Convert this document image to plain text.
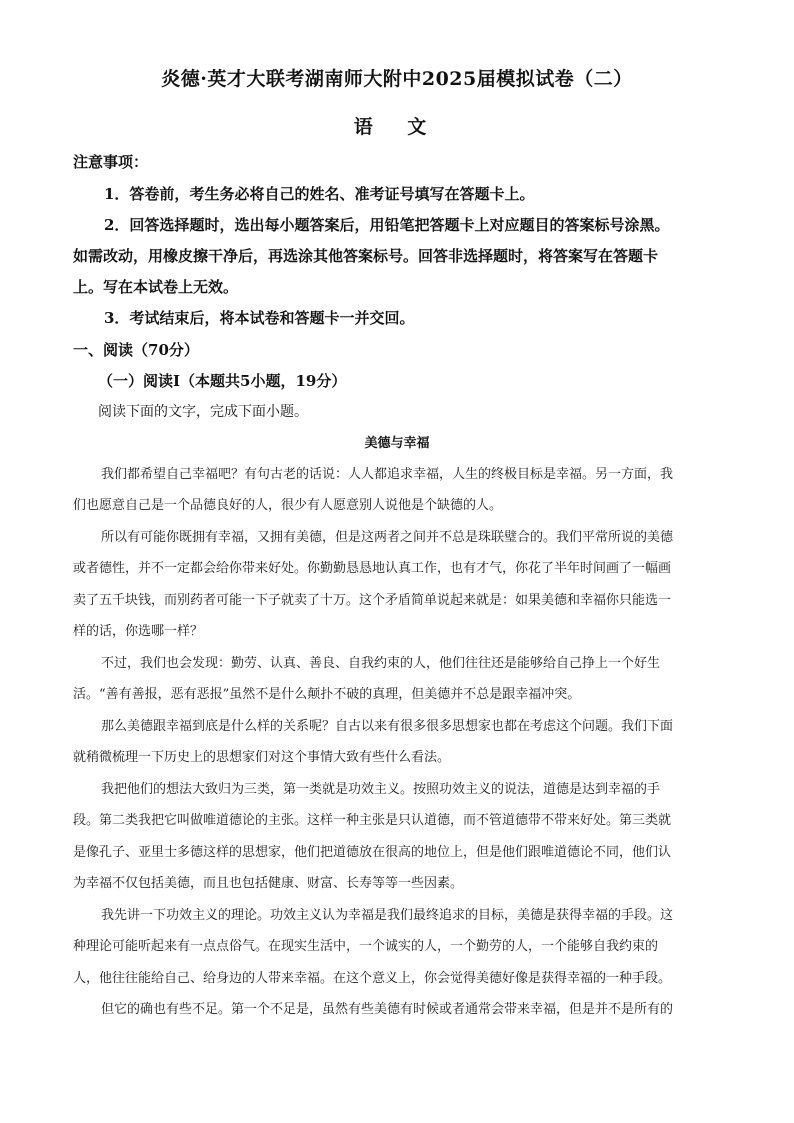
炎德·英才大联考湖南师大附中2025届模拟试卷（二）
语 文
注意事项：
1．答卷前，考生务必将自己的姓名、准考证号填写在答题卡上。
2．回答选择题时，选出每小题答案后，用铅笔把答题卡上对应题目的答案标号涂黑。
如需改动，用橡皮擦干净后，再选涂其他答案标号。回答非选择题时，将答案写在答题卡
上。写在本试卷上无效。
3．考试结束后，将本试卷和答题卡一并交回。
一、阅读（70分）
（一）阅读Ⅰ（本题共5小题，19分）
阅读下面的文字，完成下面小题。
美德与幸福
我们都希望自己幸福吧？有句古老的话说：人人都追求幸福，人生的终极目标是幸福。另一方面，我
们也愿意自己是一个品德良好的人，很少有人愿意别人说他是个缺德的人。
所以有可能你既拥有幸福，又拥有美德，但是这两者之间并不总是珠联璧合的。我们平常所说的美德
或者德性，并不一定都会给你带来好处。你勤勤恳恳地认真工作，也有才气，你花了半年时间画了一幅画
卖了五千块钱，而别药者可能一下子就卖了十万。这个矛盾简单说起来就是：如果美德和幸福你只能选一
样的话，你选哪一样？
不过，我们也会发现：勤劳、认真、善良、自我约束的人，他们往往还是能够给自己挣上一个好生
活。“善有善报，恶有恶报”虽然不是什么颠扑不破的真理，但美德并不总是跟幸福冲突。
那么美德跟幸福到底是什么样的关系呢？自古以来有很多很多思想家也都在考虑这个问题。我们下面
就稍微梳理一下历史上的思想家们对这个事情大致有些什么看法。
我把他们的想法大致归为三类，第一类就是功效主义。按照功效主义的说法，道德是达到幸福的手
段。第二类我把它叫做唯道德论的主张。这样一种主张是只认道德，而不管道德带不带来好处。第三类就
是像孔子、亚里士多德这样的思想家，他们把道德放在很高的地位上，但是他们跟唯道德论不同，他们认
为幸福不仅包括美德，而且也包括健康、财富、长寿等等一些因素。
我先讲一下功效主义的理论。功效主义认为幸福是我们最终追求的目标，美德是获得幸福的手段。这
种理论可能听起来有一点点俗气。在现实生活中，一个诚实的人，一个勤劳的人，一个能够自我约束的
人，他往往能给自己、给身边的人带来幸福。在这个意义上，你会觉得美德好像是获得幸福的一种手段。
但它的确也有些不足。第一个不足是，虽然有些美德有时候或者通常会带来幸福，但是并不是所有的
